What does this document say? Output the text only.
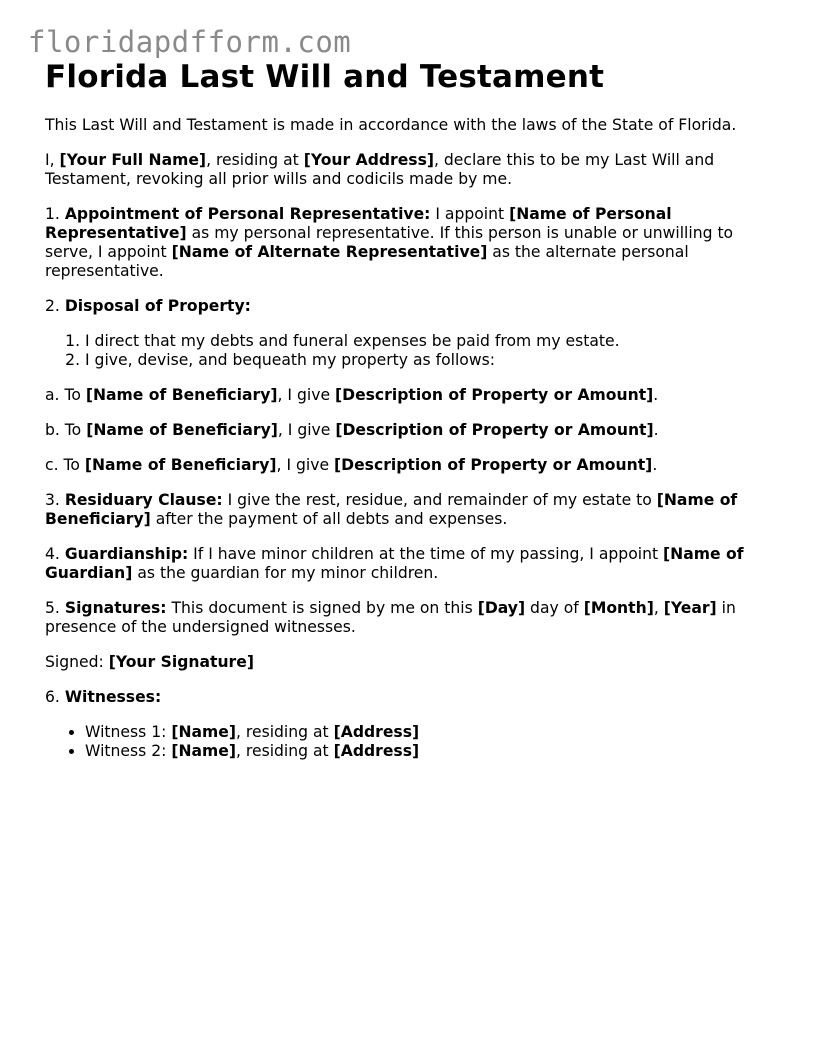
floridapdfform.com
Florida Last Will and Testament

This Last Will and Testament is made in accordance with the laws of the State of Florida.

I, [Your Full Name], residing at [Your Address], declare this to be my Last Will and Testament, revoking all prior wills and codicils made by me.

1. Appointment of Personal Representative: I appoint [Name of Personal Representative] as my personal representative. If this person is unable or unwilling to serve, I appoint [Name of Alternate Representative] as the alternate personal representative.

2. Disposal of Property:

1. I direct that my debts and funeral expenses be paid from my estate.
2. I give, devise, and bequeath my property as follows:

a. To [Name of Beneficiary], I give [Description of Property or Amount].

b. To [Name of Beneficiary], I give [Description of Property or Amount].

c. To [Name of Beneficiary], I give [Description of Property or Amount].

3. Residuary Clause: I give the rest, residue, and remainder of my estate to [Name of Beneficiary] after the payment of all debts and expenses.

4. Guardianship: If I have minor children at the time of my passing, I appoint [Name of Guardian] as the guardian for my minor children.

5. Signatures: This document is signed by me on this [Day] day of [Month], [Year] in presence of the undersigned witnesses.

Signed: [Your Signature]

6. Witnesses:

• Witness 1: [Name], residing at [Address]
• Witness 2: [Name], residing at [Address]
